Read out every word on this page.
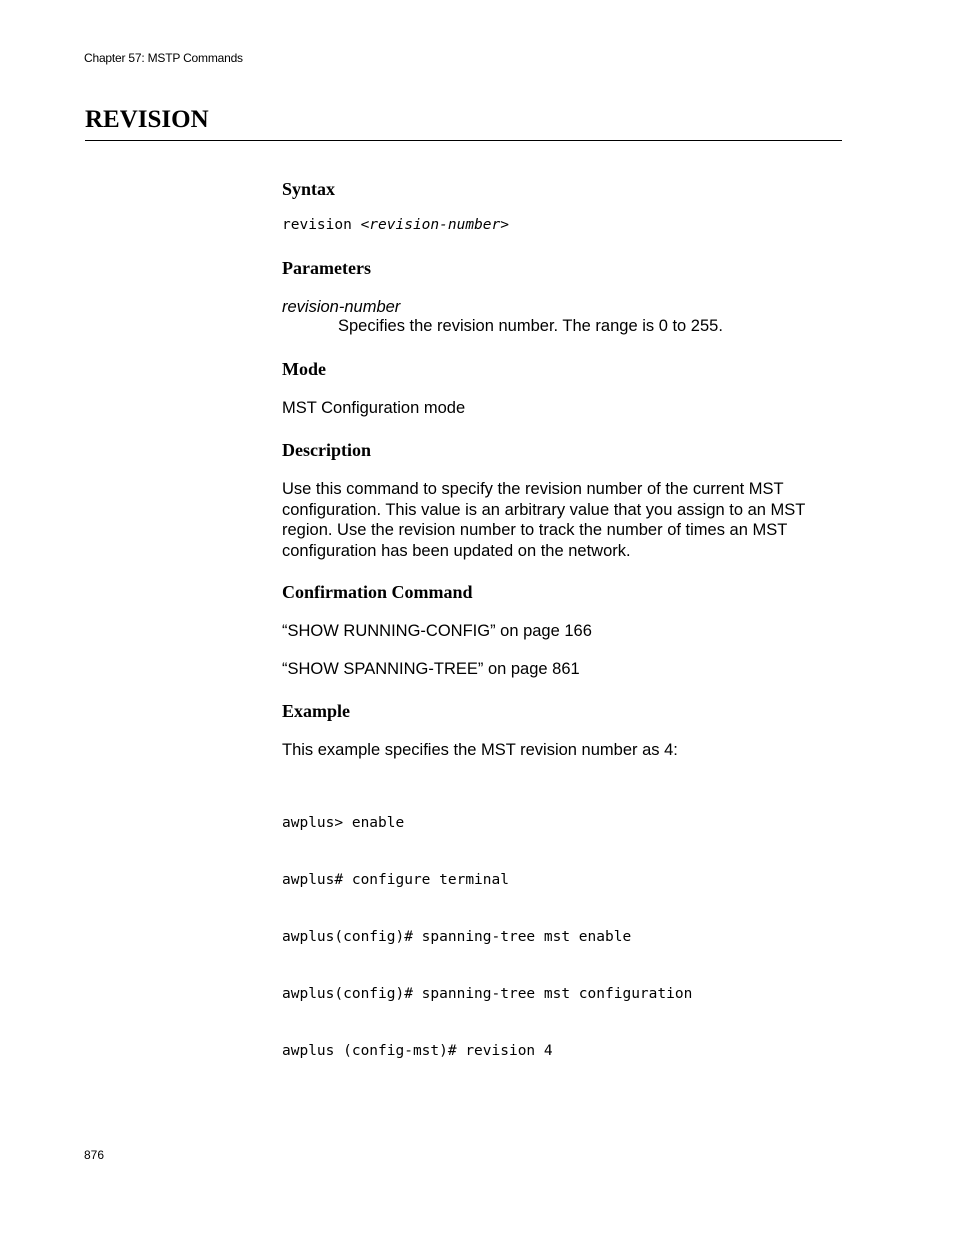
Chapter 57: MSTP Commands
REVISION
Syntax
revision <revision-number>
Parameters
revision-number
Specifies the revision number. The range is 0 to 255.
Mode
MST Configuration mode
Description
Use this command to specify the revision number of the current MST
configuration. This value is an arbitrary value that you assign to an MST
region. Use the revision number to track the number of times an MST
configuration has been updated on the network.
Confirmation Command
“SHOW RUNNING-CONFIG” on page 166
“SHOW SPANNING-TREE” on page 861
Example
This example specifies the MST revision number as 4:

awplus> enable

awplus# configure terminal

awplus(config)# spanning-tree mst enable

awplus(config)# spanning-tree mst configuration

awplus (config-mst)# revision 4

876
